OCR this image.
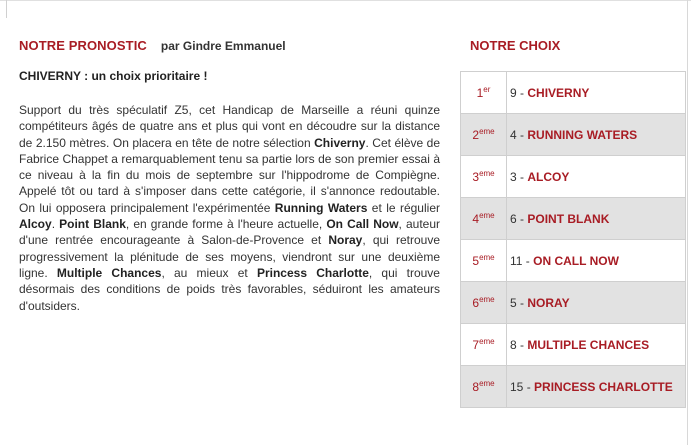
NOTRE PRONOSTIC par Gindre Emmanuel
CHIVERNY : un choix prioritaire !
Support du très spéculatif Z5, cet Handicap de Marseille a réuni quinze compétiteurs âgés de quatre ans et plus qui vont en découdre sur la distance de 2.150 mètres. On placera en tête de notre sélection Chiverny. Cet élève de Fabrice Chappet a remarquablement tenu sa partie lors de son premier essai à ce niveau à la fin du mois de septembre sur l'hippodrome de Compiègne. Appelé tôt ou tard à s'imposer dans cette catégorie, il s'annonce redoutable. On lui opposera principalement l'expérimentée Running Waters et le régulier Alcoy. Point Blank, en grande forme à l'heure actuelle, On Call Now, auteur d'une rentrée encourageante à Salon-de-Provence et Noray, qui retrouve progressivement la plénitude de ses moyens, viendront sur une deuxième ligne. Multiple Chances, au mieux et Princess Charlotte, qui trouve désormais des conditions de poids très favorables, séduiront les amateurs d'outsiders.
NOTRE CHOIX
1er	9 - CHIVERNY
2eme	4 - RUNNING WATERS
3eme	3 - ALCOY
4eme	6 - POINT BLANK
5eme	11 - ON CALL NOW
6eme	5 - NORAY
7eme	8 - MULTIPLE CHANCES
8eme	15 - PRINCESS CHARLOTTE
